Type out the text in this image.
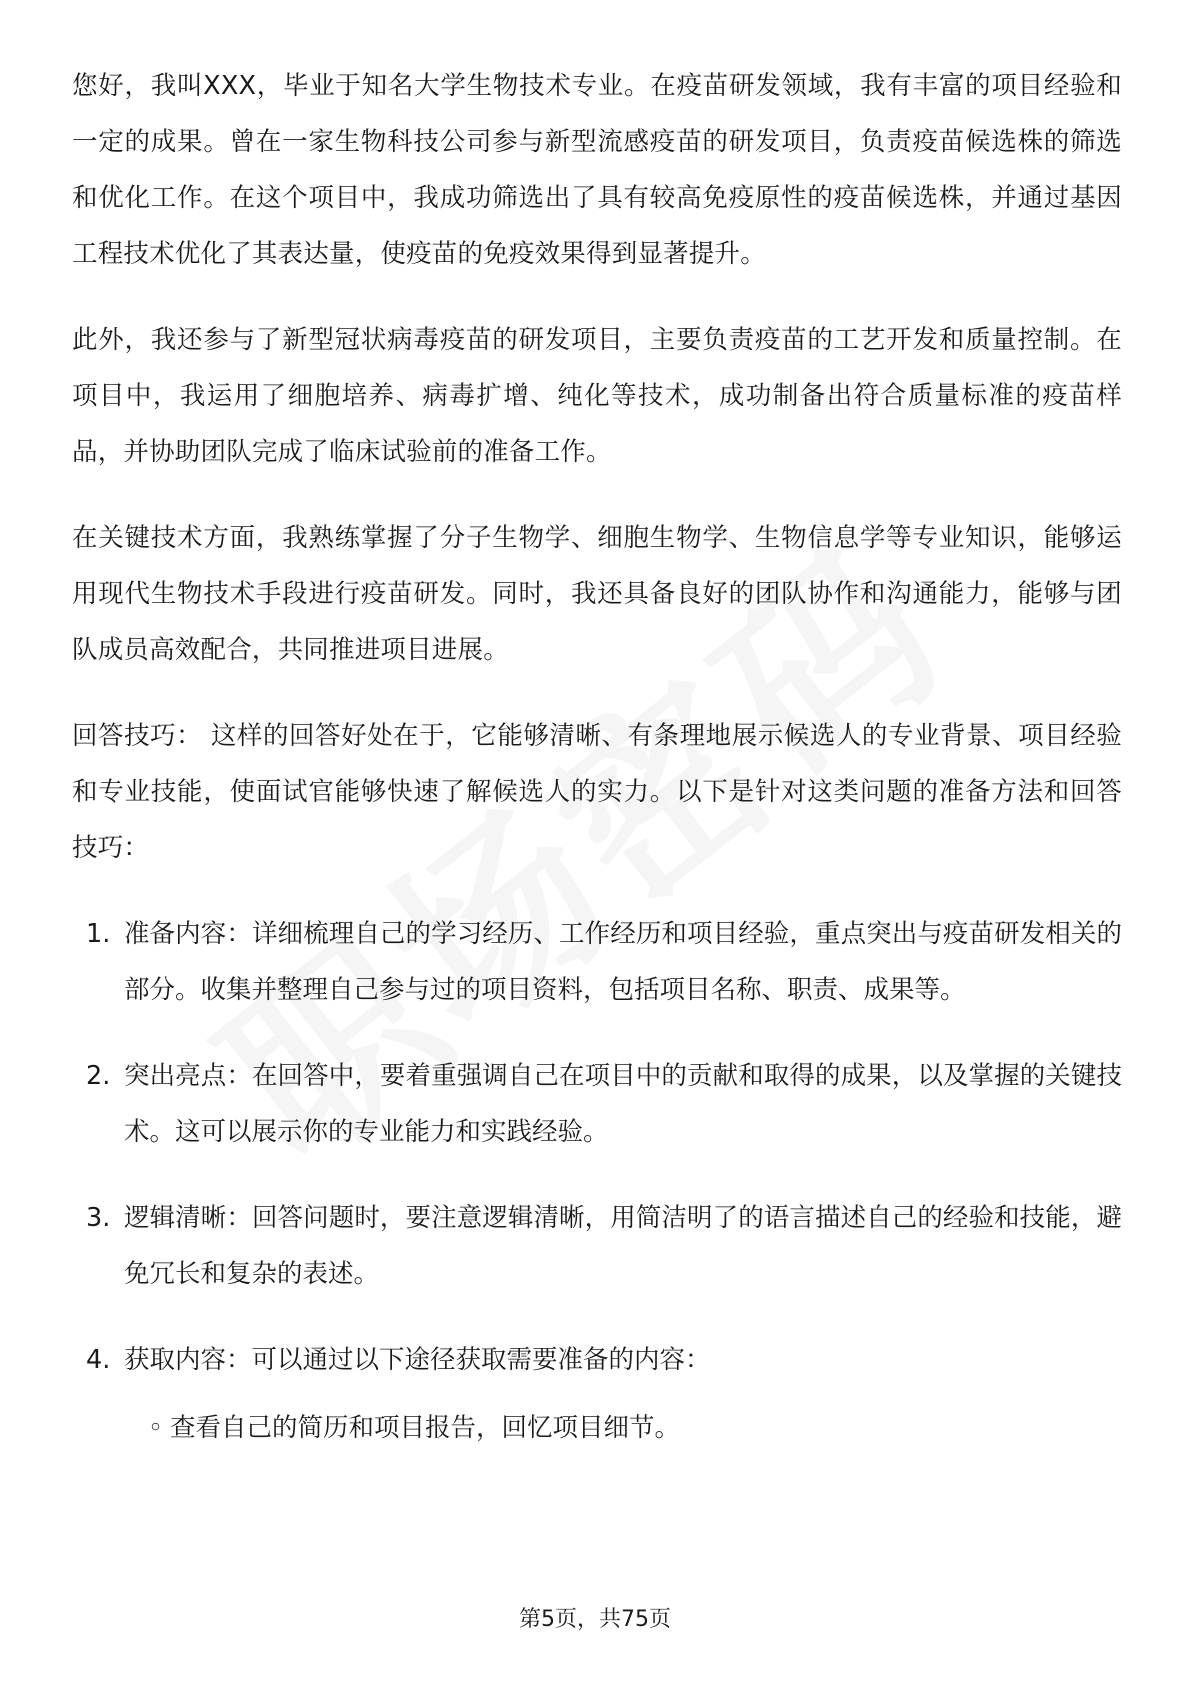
您好，我叫XXX，毕业于知名大学生物技术专业。在疫苗研发领域，我有丰富的项目经验和一定的成果。曾在一家生物科技公司参与新型流感疫苗的研发项目，负责疫苗候选株的筛选和优化工作。在这个项目中，我成功筛选出了具有较高免疫原性的疫苗候选株，并通过基因工程技术优化了其表达量，使疫苗的免疫效果得到显著提升。

此外，我还参与了新型冠状病毒疫苗的研发项目，主要负责疫苗的工艺开发和质量控制。在项目中，我运用了细胞培养、病毒扩增、纯化等技术，成功制备出符合质量标准的疫苗样品，并协助团队完成了临床试验前的准备工作。

在关键技术方面，我熟练掌握了分子生物学、细胞生物学、生物信息学等专业知识，能够运用现代生物技术手段进行疫苗研发。同时，我还具备良好的团队协作和沟通能力，能够与团队成员高效配合，共同推进项目进展。

回答技巧： 这样的回答好处在于，它能够清晰、有条理地展示候选人的专业背景、项目经验和专业技能，使面试官能够快速了解候选人的实力。以下是针对这类问题的准备方法和回答技巧：

1. 准备内容：详细梳理自己的学习经历、工作经历和项目经验，重点突出与疫苗研发相关的部分。收集并整理自己参与过的项目资料，包括项目名称、职责、成果等。
2. 突出亮点：在回答中，要着重强调自己在项目中的贡献和取得的成果，以及掌握的关键技术。这可以展示你的专业能力和实践经验。
3. 逻辑清晰：回答问题时，要注意逻辑清晰，用简洁明了的语言描述自己的经验和技能，避免冗长和复杂的表述。
4. 获取内容：可以通过以下途径获取需要准备的内容：
◦ 查看自己的简历和项目报告，回忆项目细节。
第5页，共75页
